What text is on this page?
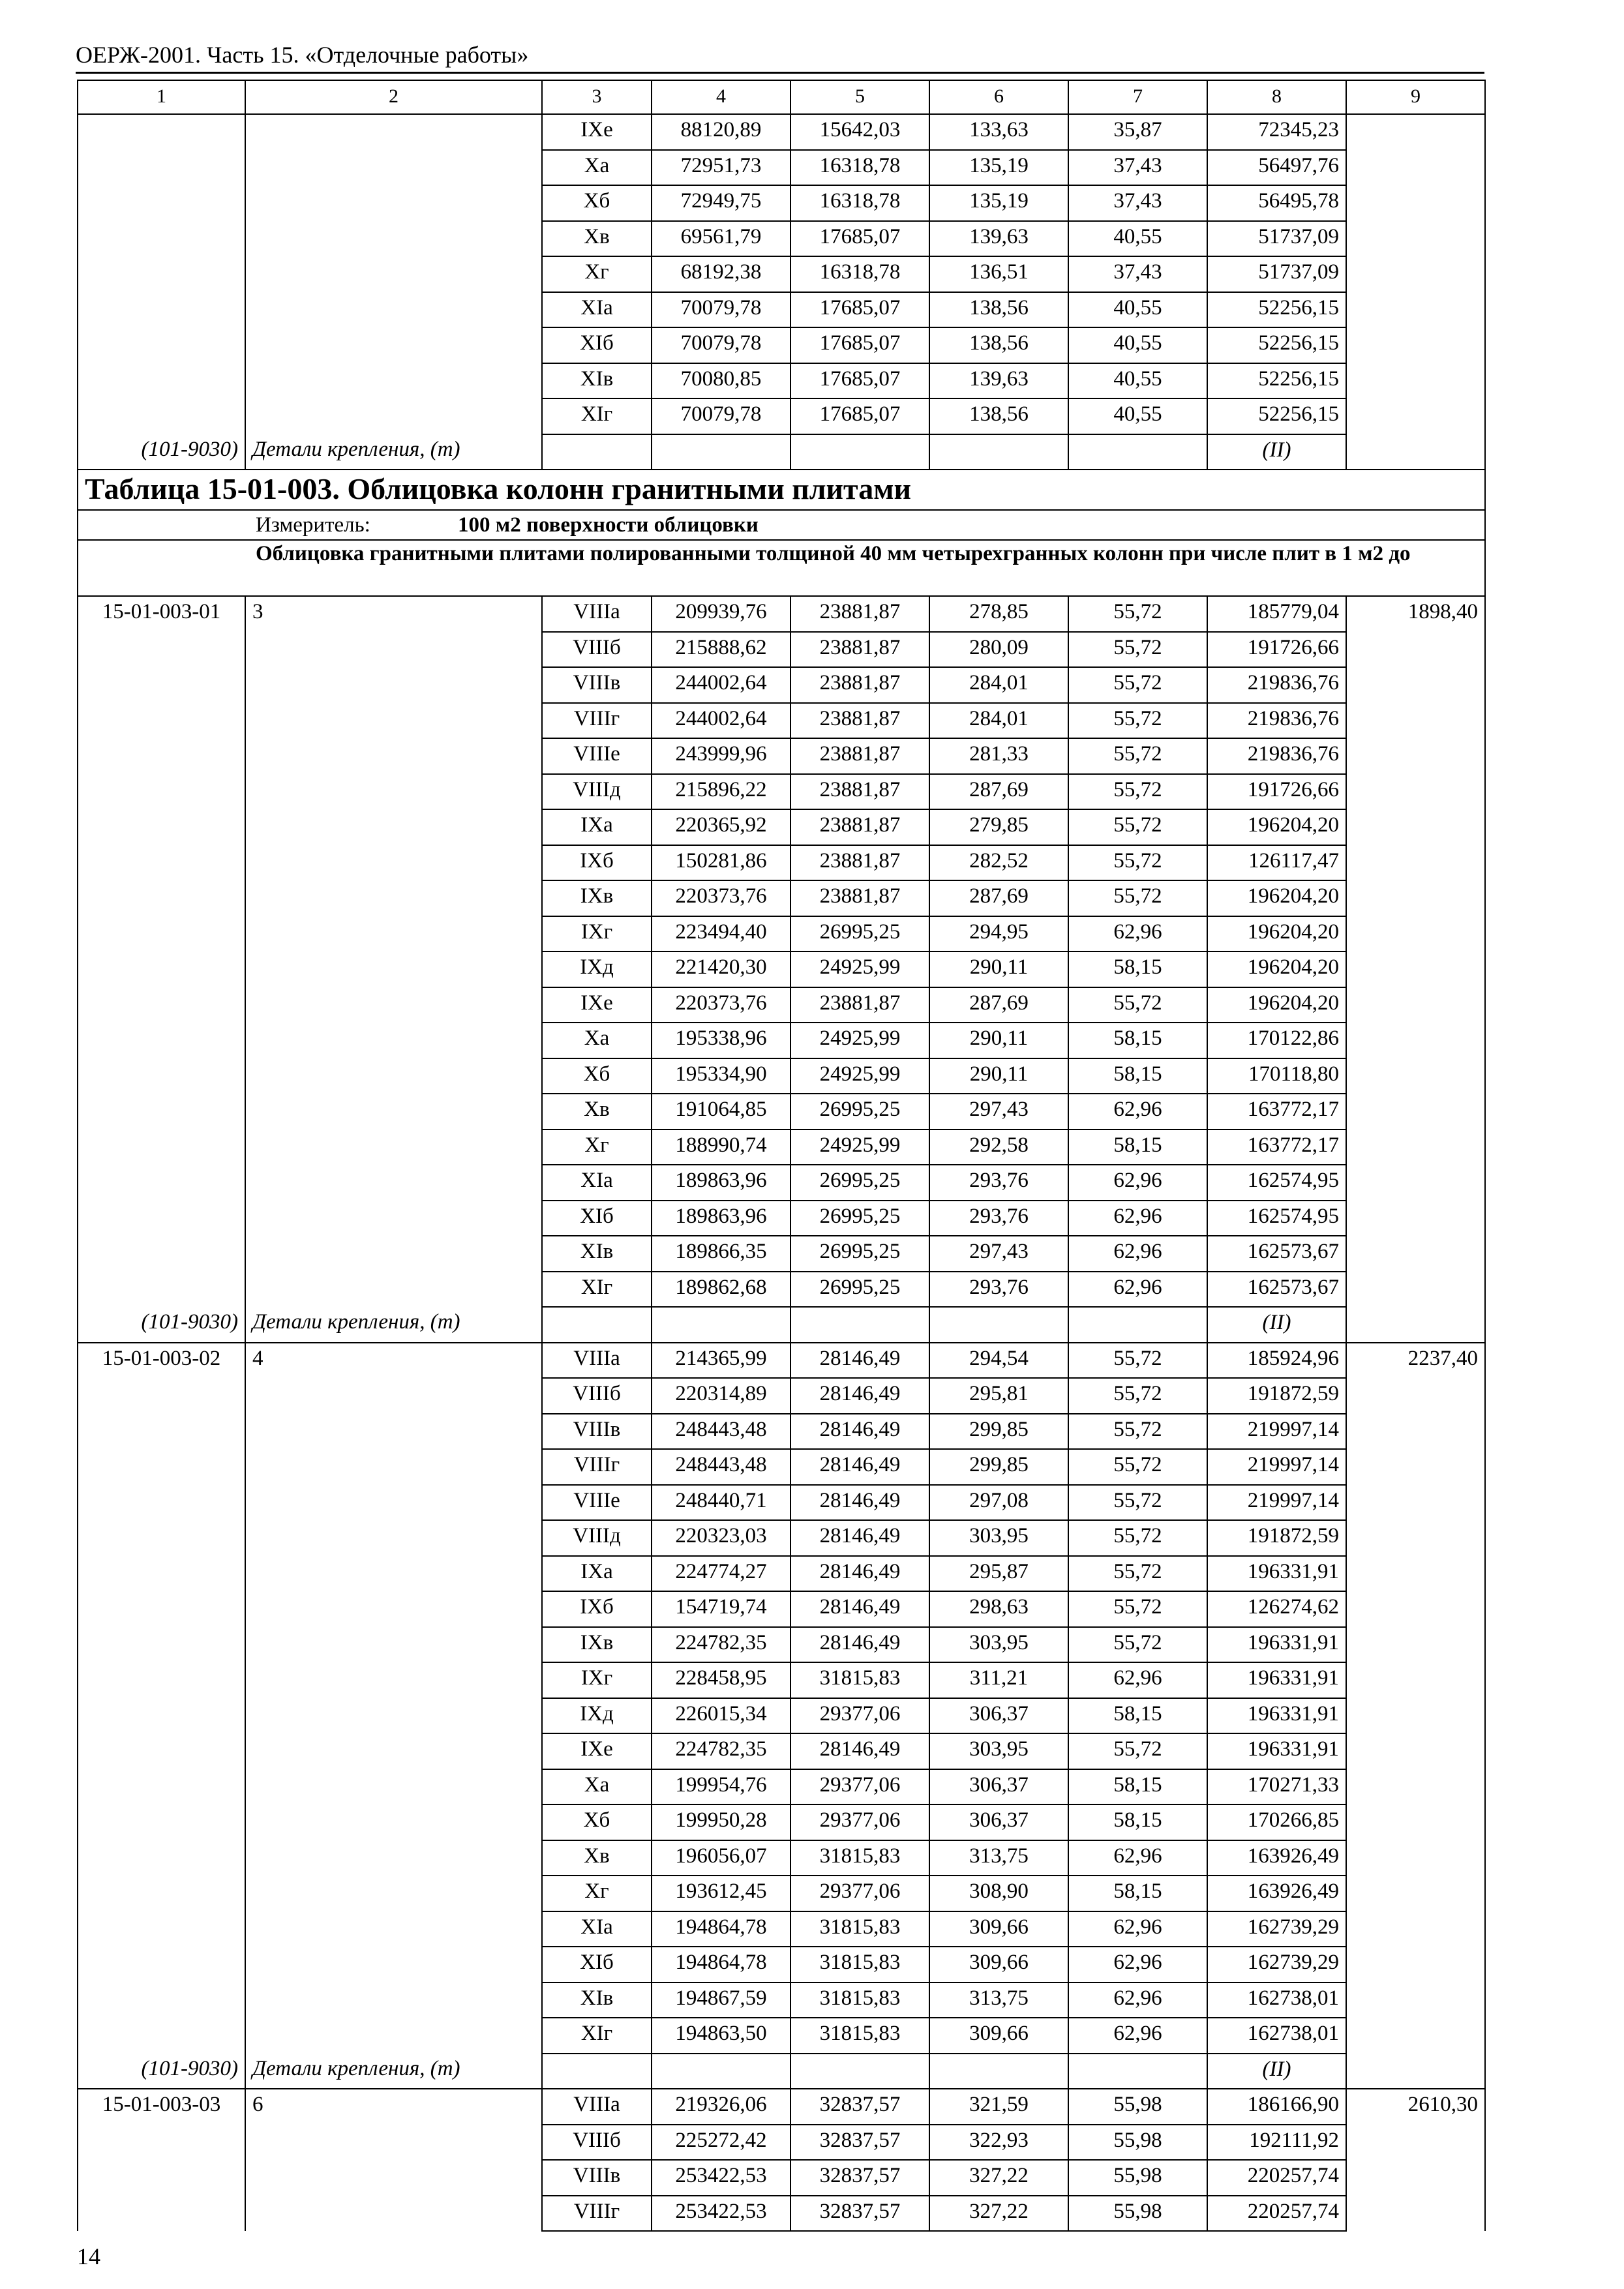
ОЕРЖ-2001. Часть 15. «Отделочные работы»
1	2	3	4	5	6	7	8	9
		IXе	88120,89	15642,03	133,63	35,87	72345,23	
		Xа	72951,73	16318,78	135,19	37,43	56497,76	
		Xб	72949,75	16318,78	135,19	37,43	56495,78	
		Xв	69561,79	17685,07	139,63	40,55	51737,09	
		Xг	68192,38	16318,78	136,51	37,43	51737,09	
		XIа	70079,78	17685,07	138,56	40,55	52256,15	
		XIб	70079,78	17685,07	138,56	40,55	52256,15	
		XIв	70080,85	17685,07	139,63	40,55	52256,15	
		XIг	70079,78	17685,07	138,56	40,55	52256,15	
(101-9030)	Детали крепления, (т)						(II)	
Таблица 15-01-003. Облицовка колонн гранитными плитами								
Измеритель: 100 м2 поверхности облицовки								
Облицовка гранитными плитами полированными толщиной 40 мм четырехгранных колонн при числе плит в 1 м2 до								
15-01-003-01	3	VIIIа	209939,76	23881,87	278,85	55,72	185779,04	1898,40
		VIIIб	215888,62	23881,87	280,09	55,72	191726,66	
		VIIIв	244002,64	23881,87	284,01	55,72	219836,76	
		VIIIг	244002,64	23881,87	284,01	55,72	219836,76	
		VIIIе	243999,96	23881,87	281,33	55,72	219836,76	
		VIIIд	215896,22	23881,87	287,69	55,72	191726,66	
		IXа	220365,92	23881,87	279,85	55,72	196204,20	
		IXб	150281,86	23881,87	282,52	55,72	126117,47	
		IXв	220373,76	23881,87	287,69	55,72	196204,20	
		IXг	223494,40	26995,25	294,95	62,96	196204,20	
		IXд	221420,30	24925,99	290,11	58,15	196204,20	
		IXе	220373,76	23881,87	287,69	55,72	196204,20	
		Xа	195338,96	24925,99	290,11	58,15	170122,86	
		Xб	195334,90	24925,99	290,11	58,15	170118,80	
		Xв	191064,85	26995,25	297,43	62,96	163772,17	
		Xг	188990,74	24925,99	292,58	58,15	163772,17	
		XIа	189863,96	26995,25	293,76	62,96	162574,95	
		XIб	189863,96	26995,25	293,76	62,96	162574,95	
		XIв	189866,35	26995,25	297,43	62,96	162573,67	
		XIг	189862,68	26995,25	293,76	62,96	162573,67	
(101-9030)	Детали крепления, (т)						(II)	
15-01-003-02	4	VIIIа	214365,99	28146,49	294,54	55,72	185924,96	2237,40
		VIIIб	220314,89	28146,49	295,81	55,72	191872,59	
		VIIIв	248443,48	28146,49	299,85	55,72	219997,14	
		VIIIг	248443,48	28146,49	299,85	55,72	219997,14	
		VIIIе	248440,71	28146,49	297,08	55,72	219997,14	
		VIIIд	220323,03	28146,49	303,95	55,72	191872,59	
		IXа	224774,27	28146,49	295,87	55,72	196331,91	
		IXб	154719,74	28146,49	298,63	55,72	126274,62	
		IXв	224782,35	28146,49	303,95	55,72	196331,91	
		IXг	228458,95	31815,83	311,21	62,96	196331,91	
		IXд	226015,34	29377,06	306,37	58,15	196331,91	
		IXе	224782,35	28146,49	303,95	55,72	196331,91	
		Xа	199954,76	29377,06	306,37	58,15	170271,33	
		Xб	199950,28	29377,06	306,37	58,15	170266,85	
		Xв	196056,07	31815,83	313,75	62,96	163926,49	
		Xг	193612,45	29377,06	308,90	58,15	163926,49	
		XIа	194864,78	31815,83	309,66	62,96	162739,29	
		XIб	194864,78	31815,83	309,66	62,96	162739,29	
		XIв	194867,59	31815,83	313,75	62,96	162738,01	
		XIг	194863,50	31815,83	309,66	62,96	162738,01	
(101-9030)	Детали крепления, (т)						(II)	
15-01-003-03	6	VIIIа	219326,06	32837,57	321,59	55,98	186166,90	2610,30
		VIIIб	225272,42	32837,57	322,93	55,98	192111,92	
		VIIIв	253422,53	32837,57	327,22	55,98	220257,74	
		VIIIг	253422,53	32837,57	327,22	55,98	220257,74	
14
